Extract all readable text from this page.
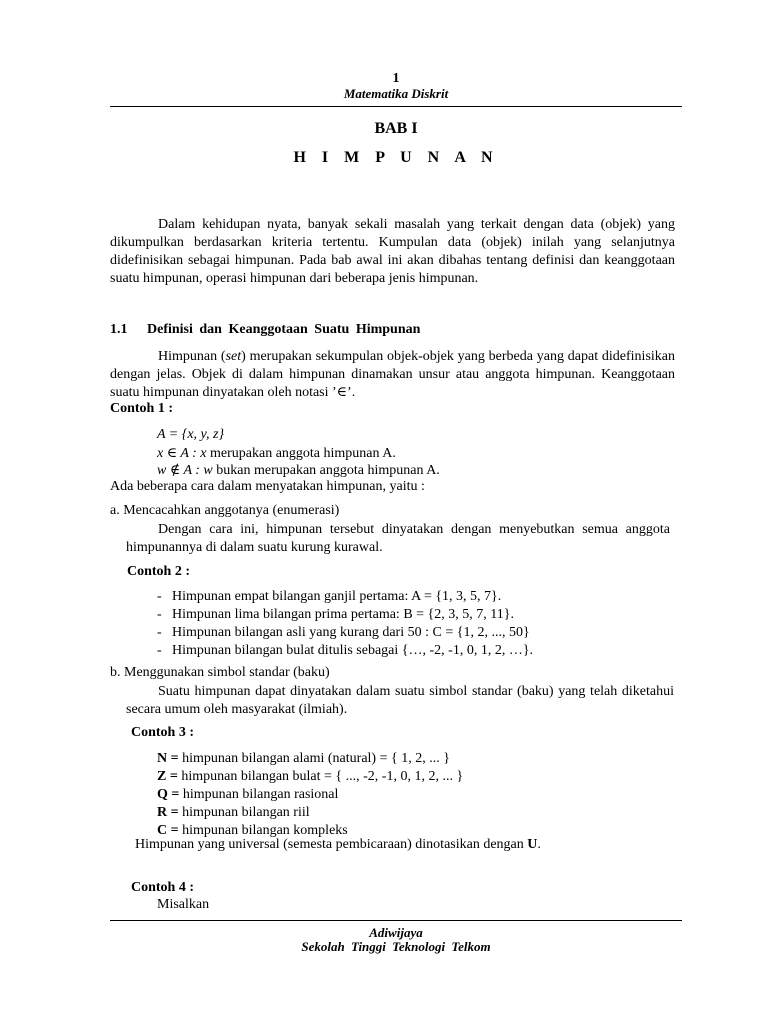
1
Matematika Diskrit
BAB I
H I M P U N A N
Dalam kehidupan nyata, banyak sekali masalah yang terkait dengan data (objek) yang dikumpulkan berdasarkan kriteria tertentu. Kumpulan data (objek) inilah yang selanjutnya didefinisikan sebagai himpunan. Pada bab awal ini akan dibahas tentang definisi dan keanggotaan suatu himpunan, operasi himpunan dari beberapa jenis himpunan.
1.1 Definisi dan Keanggotaan Suatu Himpunan
Himpunan (set) merupakan sekumpulan objek-objek yang berbeda yang dapat didefinisikan dengan jelas. Objek di dalam himpunan dinamakan unsur atau anggota himpunan. Keanggotaan suatu himpunan dinyatakan oleh notasi ’∈’.
Contoh 1 :
A = {x, y, z}
x ∈ A : x merupakan anggota himpunan A.
w ∉ A : w bukan merupakan anggota himpunan A.
Ada beberapa cara dalam menyatakan himpunan, yaitu :
a. Mencacahkan anggotanya (enumerasi)
Dengan cara ini, himpunan tersebut dinyatakan dengan menyebutkan semua anggota himpunannya di dalam suatu kurung kurawal.
Contoh 2 :
- Himpunan empat bilangan ganjil pertama: A = {1, 3, 5, 7}.
- Himpunan lima bilangan prima pertama: B = {2, 3, 5, 7, 11}.
- Himpunan bilangan asli yang kurang dari 50 : C = {1, 2, ..., 50}
- Himpunan bilangan bulat ditulis sebagai {…, -2, -1, 0, 1, 2, …}.
b. Menggunakan simbol standar (baku)
Suatu himpunan dapat dinyatakan dalam suatu simbol standar (baku) yang telah diketahui secara umum oleh masyarakat (ilmiah).
Contoh 3 :
N = himpunan bilangan alami (natural) = { 1, 2, ... }
Z = himpunan bilangan bulat = { ..., -2, -1, 0, 1, 2, ... }
Q = himpunan bilangan rasional
R = himpunan bilangan riil
C = himpunan bilangan kompleks
Himpunan yang universal (semesta pembicaraan) dinotasikan dengan U.
Contoh 4 :
Misalkan
Adiwijaya
Sekolah Tinggi Teknologi Telkom
